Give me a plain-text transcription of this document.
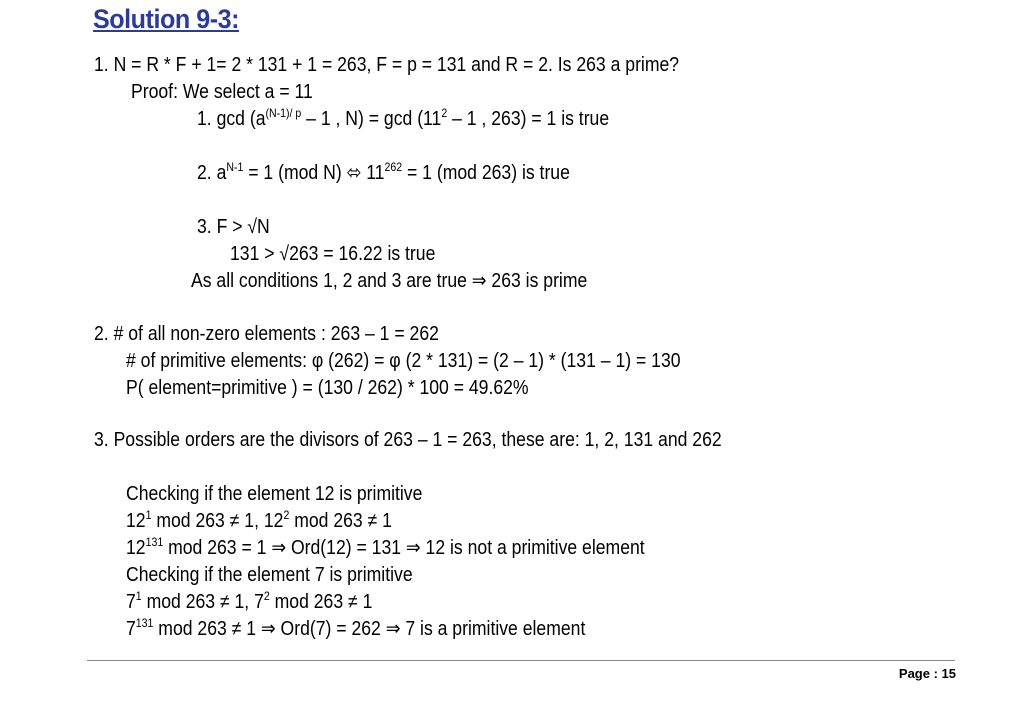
Solution 9-3:
1. N = R * F + 1= 2 * 131 + 1 = 263, F = p = 131 and R = 2. Is 263 a prime?
Proof: We select a = 11
1. $\gcd (a^{(N-1)/ p} - 1$ , $N) = \gcd (11^2 - 1$ , 263) = 1 is true
2. $a^{N-1} = 1$ (mod N) ⬄ $11^{262} = 1$ (mod 263) is true
3. F > √N
131 > √263 = 16.22 is true
As all conditions 1, 2 and 3 are true ⇒ 263 is prime
2. # of all non-zero elements : 263 – 1 = 262
# of primitive elements: φ (262) = φ (2 * 131) = (2 – 1) * (131 – 1) = 130
P( element=primitive ) = (130 / 262) * 100 = 49.62%
3. Possible orders are the divisors of 263 – 1 = 263, these are: 1, 2, 131 and 262
Checking if the element 12 is primitive
$12^1$ mod 263 ≠ 1, $12^2$ mod 263 ≠ 1
$12^{131}$ mod 263 = 1 ⇒ Ord(12) = 131 ⇒ 12 is not a primitive element
Checking if the element 7 is primitive
$7^1$ mod 263 ≠ 1, $7^2$ mod 263 ≠ 1
$7^{131}$ mod 263 ≠ 1 ⇒ Ord(7) = 262 ⇒ 7 is a primitive element
Page : 15
